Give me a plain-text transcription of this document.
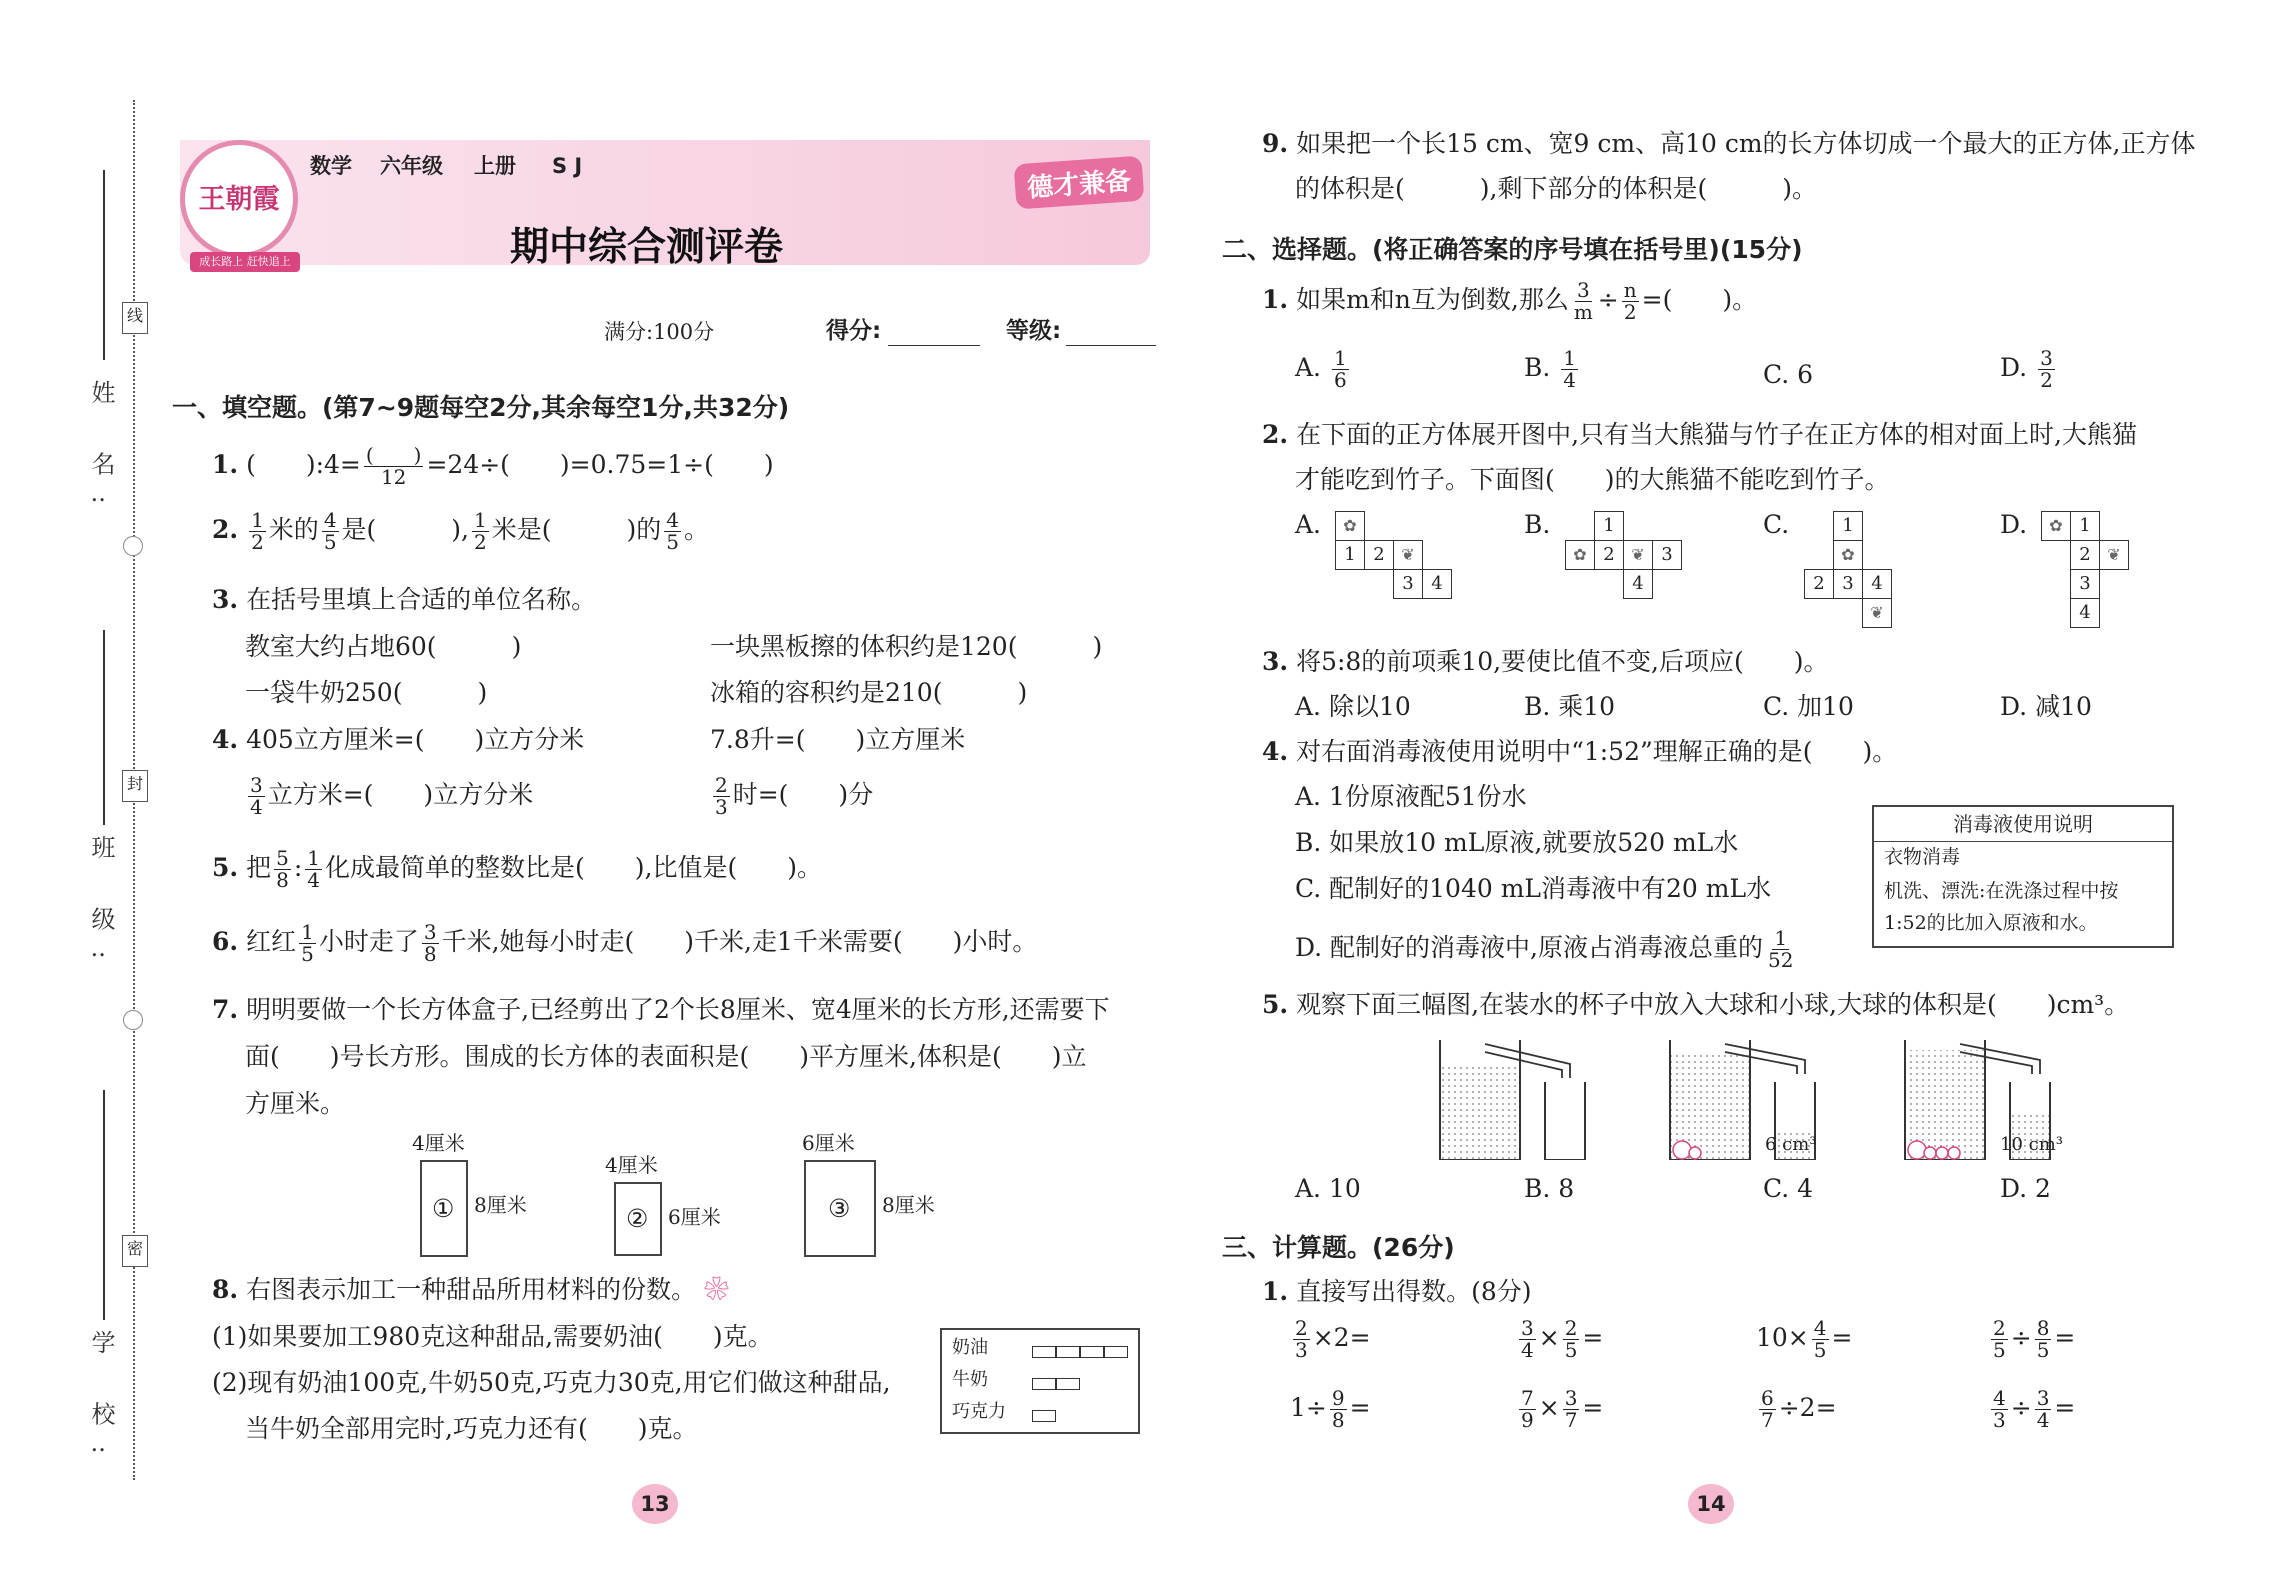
姓 名:
线
班 级:
封
学 校:
密
王朝霞
成长路上 赶快追上
数学 六年级 上册 S J
德才兼备
期中综合测评卷
满分:100分	得分:	等级:
一、填空题。(第7~9题每空2分,其余每空1分,共32分)
1. (　　):4= $\frac{( )}{12} =24\div$(　　)=0.75=1÷(　　)
2. $\frac{1}{2}$ 米的 $\frac{4}{5}$ 是(　　　), $\frac{1}{2}$ 米是(　　　)的 $\frac{4}{5}$ 。
3. 在括号里填上合适的单位名称。
教室大约占地60(　　　)	一块黑板擦的体积约是120(　　　)
一袋牛奶250(　　　)	冰箱的容积约是210(　　　)
4. 405立方厘米=(　　)立方分米	7.8升=(　　)立方厘米
$\frac{3}{4}$ 立方米=(　　)立方分米	$\frac{2}{3}$ 时=(　　)分
5. 把 $\frac{5}{8}$ : $\frac{1}{4}$ 化成最简单的整数比是(　　),比值是(　　)。
6. 红红 $\frac{1}{5}$ 小时走了 $\frac{3}{8}$ 千米,她每小时走(　　)千米,走1千米需要(　　)小时。
7. 明明要做一个长方体盒子,已经剪出了2个长8厘米、宽4厘米的长方形,还需要下
面(　　)号长方形。围成的长方体的表面积是(　　)平方厘米,体积是(　　)立
方厘米。
4厘米
① 8厘米
4厘米
② 6厘米
6厘米
③ 8厘米
8. 右图表示加工一种甜品所用材料的份数。 ❀
(1)如果要加工980克这种甜品,需要奶油(　　)克。
(2)现有奶油100克,牛奶50克,巧克力30克,用它们做这种甜品,
当牛奶全部用完时,巧克力还有(　　)克。
奶油
牛奶
巧克力
9. 如果把一个长15 cm、宽9 cm、高10 cm的长方体切成一个最大的正方体,正方体
的体积是(　　　),剩下部分的体积是(　　　)。
二、选择题。(将正确答案的序号填在括号里)(15分)
1. 如果m和n互为倒数,那么 $\frac{3}{m} \div \frac{n}{2}$ =(　　)。
A. $\frac{1}{6}$	B. $\frac{1}{4}$	C. 6	D. $\frac{3}{2}$
2. 在下面的正方体展开图中,只有当大熊猫与竹子在正方体的相对面上时,大熊猫
才能吃到竹子。下面图(　　)的大熊猫不能吃到竹子。
A.	✿
1 2	❦
3 4
B.	1
✿ 2	❦ 3
4
C.	1
✿
2 3 4
❦
D.	✿ 1
2	❦
3
4
3. 将5:8的前项乘10,要使比值不变,后项应(　　)。
A. 除以10	B. 乘10	C. 加10	D. 减10
4. 对右面消毒液使用说明中“1:52”理解正确的是(　　)。
A. 1份原液配51份水
B. 如果放10 mL原液,就要放520 mL水
C. 配制好的1040 mL消毒液中有20 mL水
D. 配制好的消毒液中,原液占消毒液总重的 $\frac{1}{52}$
消毒液使用说明
衣物消毒
机洗、漂洗:在洗涤过程中按
1:52的比加入原液和水。
5. 观察下面三幅图,在装水的杯子中放入大球和小球,大球的体积是(　　)cm³。
6 cm³	10 cm³
A. 10	B. 8	C. 4	D. 2
三、计算题。(26分)
1. 直接写出得数。(8分)
$\frac{2}{3} \times 2=$	$\frac{3}{4} \times \frac{2}{5}$ =	$10\times \frac{4}{5}$ =	$\frac{2}{5} \div \frac{8}{5}$ =
$1\div \frac{9}{8}$ =	$\frac{7}{9} \times \frac{3}{7}$ =	$\frac{6}{7} \div 2=$	$\frac{4}{3} \div \frac{3}{4}$ =
13	14
